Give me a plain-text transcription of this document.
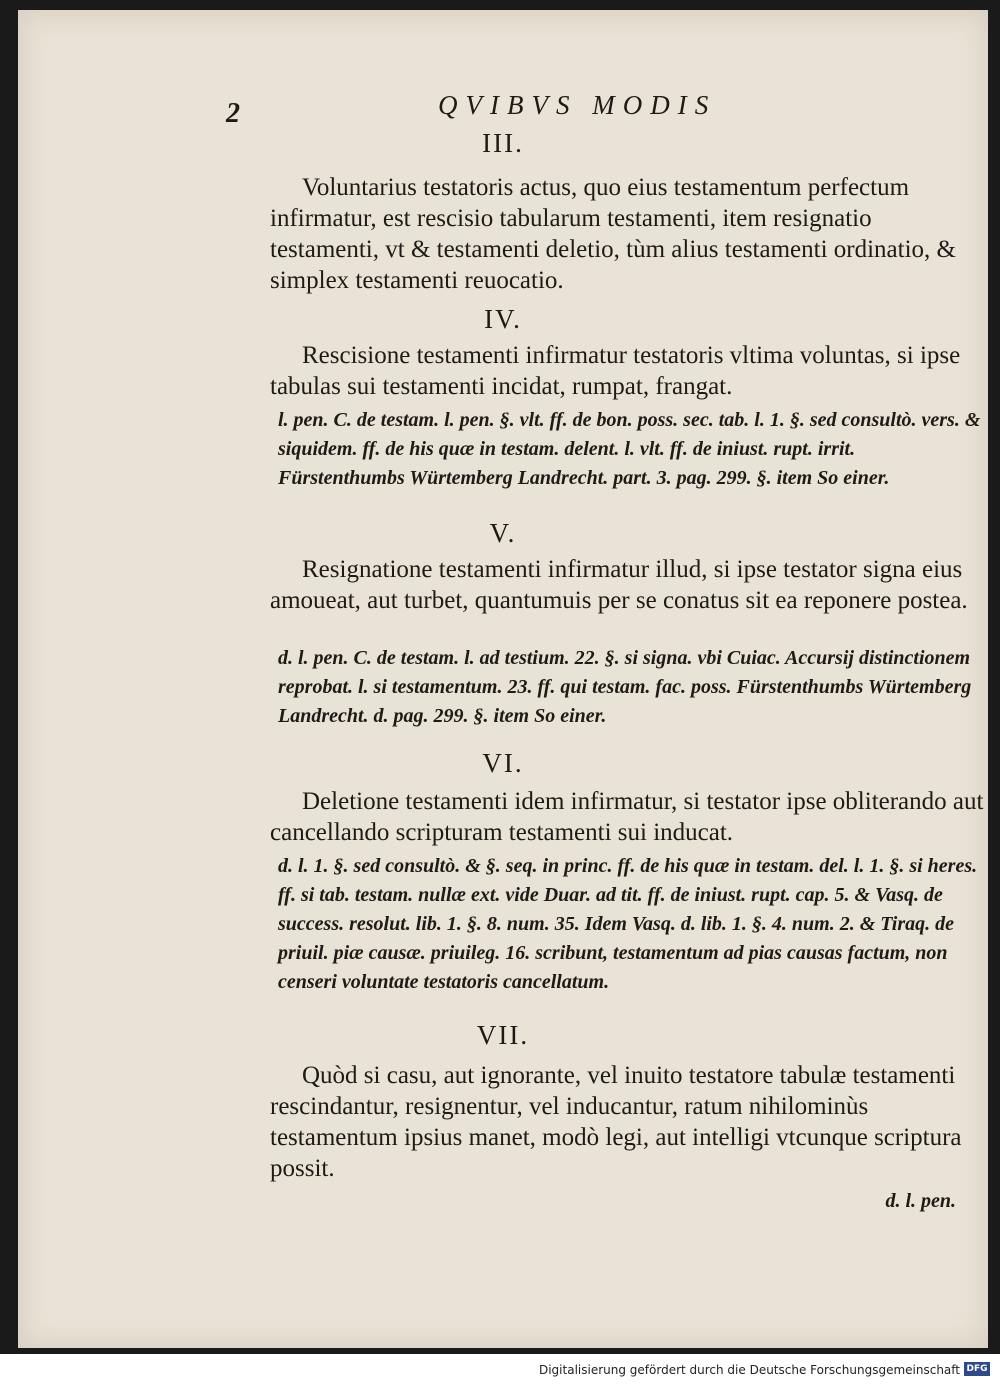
2	QVIBVS MODIS
III.
Voluntarius testatoris actus, quo eius testamentum perfectum infirmatur, est rescisio tabularum testamenti, item resignatio testamenti, vt & testamenti deletio, tùm alius testamenti ordinatio, & simplex testamenti reuocatio.
IV.
Rescisione testamenti infirmatur testatoris vltima voluntas, si ipse tabulas sui testamenti incidat, rumpat, frangat.
l. pen. C. de testam. l. pen. §. vlt. ff. de bon. poss. sec. tab. l. 1. §. sed consultò. vers. & siquidem. ff. de his quæ in testam. delent. l. vlt. ff. de iniust. rupt. irrit. Fürstenthumbs Würtemberg Landrecht. part. 3. pag. 299. §. item So einer.
V.
Resignatione testamenti infirmatur illud, si ipse testator signa eius amoueat, aut turbet, quantumuis per se conatus sit ea reponere postea.
d. l. pen. C. de testam. l. ad testium. 22. §. si signa. vbi Cuiac. Accursij distinctionem reprobat. l. si testamentum. 23. ff. qui testam. fac. poss. Fürstenthumbs Würtemberg Landrecht. d. pag. 299. §. item So einer.
VI.
Deletione testamenti idem infirmatur, si testator ipse obliterando aut cancellando scripturam testamenti sui inducat.
d. l. 1. §. sed consultò. & §. seq. in princ. ff. de his quæ in testam. del. l. 1. §. si heres. ff. si tab. testam. nullæ ext. vide Duar. ad tit. ff. de iniust. rupt. cap. 5. & Vasq. de success. resolut. lib. 1. §. 8. num. 35. Idem Vasq. d. lib. 1. §. 4. num. 2. & Tiraq. de priuil. piæ causæ. priuileg. 16. scribunt, testamentum ad pias causas factum, non censeri voluntate testatoris cancellatum.
VII.
Quòd si casu, aut ignorante, vel inuito testatore tabulæ testamenti rescindantur, resignentur, vel inducantur, ratum nihilominùs testamentum ipsius manet, modò legi, aut intelligi vtcunque scriptura possit.
d. l. pen.
Digitalisierung gefördert durch die Deutsche Forschungsgemeinschaft DFG
